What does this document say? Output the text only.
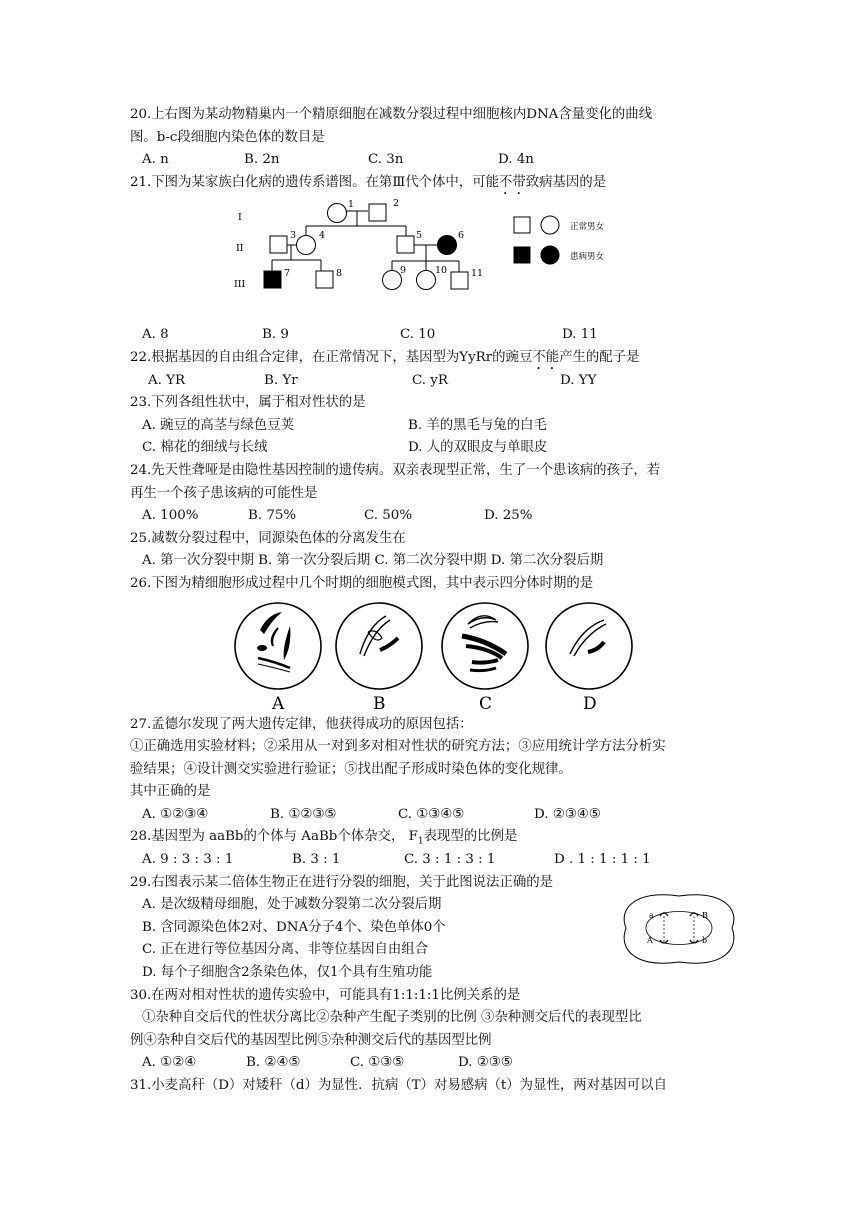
20.上右图为某动物精巢内一个精原细胞在减数分裂过程中细胞核内DNA含量变化的曲线
图。b-c段细胞内染色体的数目是
A. n	B. 2n	C. 3n	D. 4n
21.下图为某家族白化病的遗传系谱图。在第Ⅲ代个体中，可能不带致病基因的是
I
II
III
1	2
3 4	5	6
7	8	9	10	11
正常男女
患病男女
A. 8	B. 9	C. 10	D. 11
22.根据基因的自由组合定律，在正常情况下，基因型为YyRr的豌豆不能产生的配子是
A. YR	B. Yr	C. yR	D. YY
23.下列各组性状中，属于相对性状的是
A. 豌豆的高茎与绿色豆荚	B. 羊的黑毛与兔的白毛
C. 棉花的细绒与长绒	D. 人的双眼皮与单眼皮
24.先天性聋哑是由隐性基因控制的遗传病。双亲表现型正常，生了一个患该病的孩子，若
再生一个孩子患该病的可能性是
A. 100%	B. 75%	C. 50%	D. 25%
25.减数分裂过程中，同源染色体的分离发生在
A. 第一次分裂中期 B. 第一次分裂后期 C. 第二次分裂中期 D. 第二次分裂后期
26.下图为精细胞形成过程中几个时期的细胞模式图，其中表示四分体时期的是
A	B	C	D
27.孟德尔发现了两大遗传定律，他获得成功的原因包括：
①正确选用实验材料；②采用从一对到多对相对性状的研究方法；③应用统计学方法分析实
验结果；④设计测交实验进行验证；⑤找出配子形成时染色体的变化规律。
其中正确的是
A. ①②③④	B. ①②③⑤	C. ①③④⑤	D. ②③④⑤
28.基因型为 aaBb的个体与 AaBb个体杂交， $F_1$表现型的比例是
A. 9 : 3 : 3 : 1	B. 3 : 1	C. 3 : 1 : 3 : 1	D . 1 : 1 : 1 : 1
29.右图表示某二倍体生物正在进行分裂的细胞，关于此图说法正确的是
A. 是次级精母细胞，处于减数分裂第二次分裂后期
B. 含同源染色体2对、DNA分子4个、染色单体0个
C. 正在进行等位基因分离、非等位基因自由组合
D. 每个子细胞含2条染色体，仅1个具有生殖功能
a	B
A	b
30.在两对相对性状的遗传实验中，可能具有1:1:1:1比例关系的是
①杂种自交后代的性状分离比②杂种产生配子类别的比例 ③杂种测交后代的表现型比
例④杂种自交后代的基因型比例⑤杂种测交后代的基因型比例
A. ①②④	B. ②④⑤	C. ①③⑤	D. ②③⑤
31.小麦高秆（D）对矮秆（d）为显性．抗病（T）对易感病（t）为显性，两对基因可以自
